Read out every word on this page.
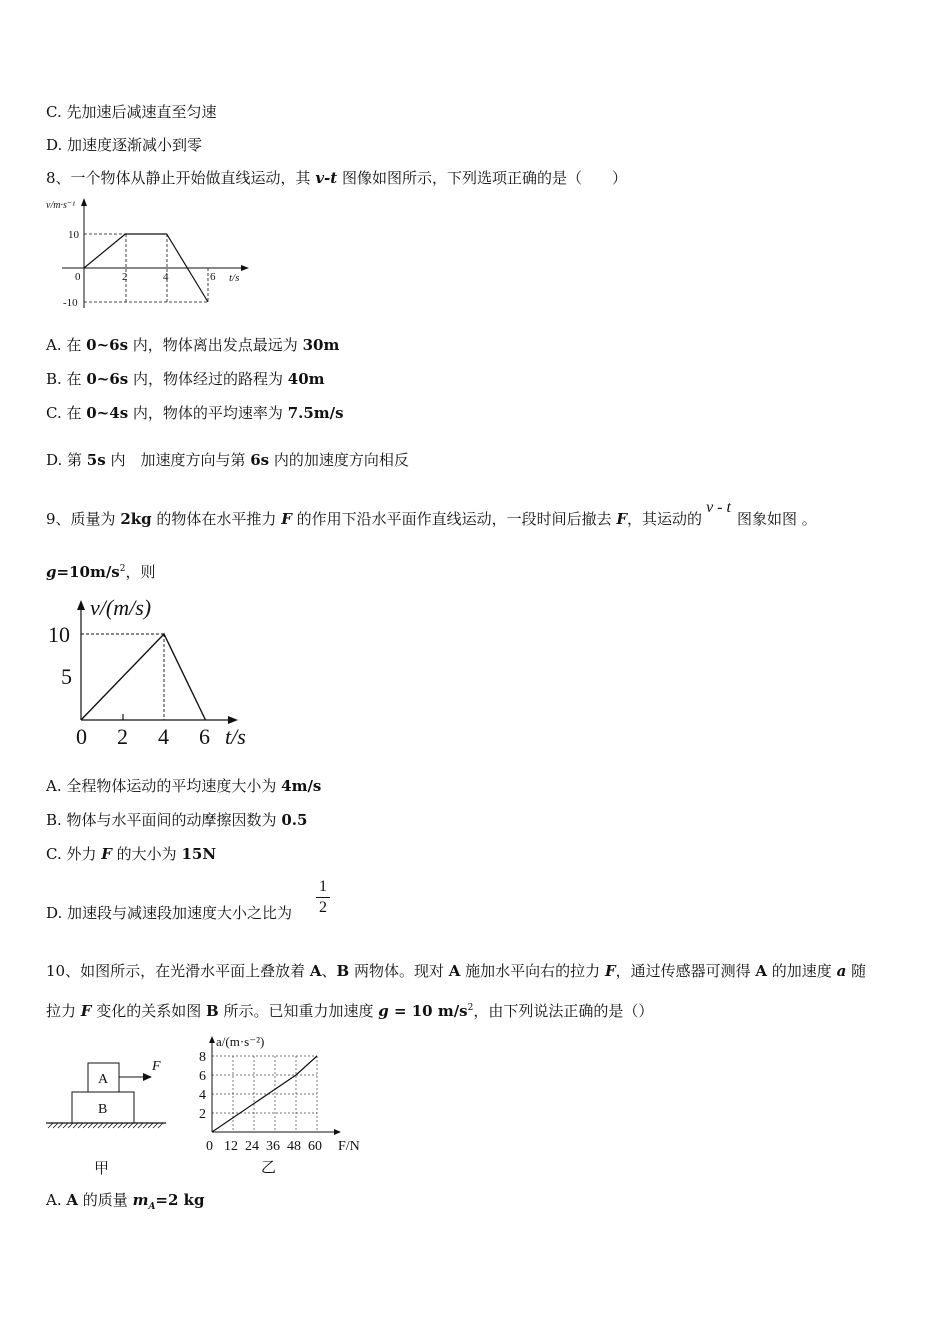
C. 先加速后减速直至匀速
D. 加速度逐渐减小到零
8、一个物体从静止开始做直线运动，其 v-t 图像如图所示，下列选项正确的是（　　）
v/m·s⁻¹
t/s
10
-10
0	2	4	6
A. 在 0~6s 内，物体离出发点最远为 30m
B. 在 0~6s 内，物体经过的路程为 40m
C. 在 0~4s 内，物体的平均速率为 7.5m/s
D. 第 5s 内　加速度方向与第 6s 内的加速度方向相反
9、质量为 2kg 的物体在水平推力 F 的作用下沿水平面作直线运动，一段时间后撤去 F，其运动的v - t图象如图 。
$g=10m/s^2$，则
v/(m/s)
t/s
10
5
0 2 4 6
A. 全程物体运动的平均速度大小为 4m/s
B. 物体与水平面间的动摩擦因数为 0.5
C. 外力 F 的大小为 15N
D. 加速段与减速段加速度大小之比为
1
2
10、如图所示，在光滑水平面上叠放着 A、B 两物体。现对 A 施加水平向右的拉力 F，通过传感器可测得 A 的加速度 a 随
拉力 F 变化的关系如图 B 所示。已知重力加速度 g = 10 $m/s^2$，由下列说法正确的是（）
A
B
F
甲
a/(m·s⁻²)
F/N
8
6
4
2
0 12 24 36 48 60
乙
A. A 的质量 $m_A=2$ kg
